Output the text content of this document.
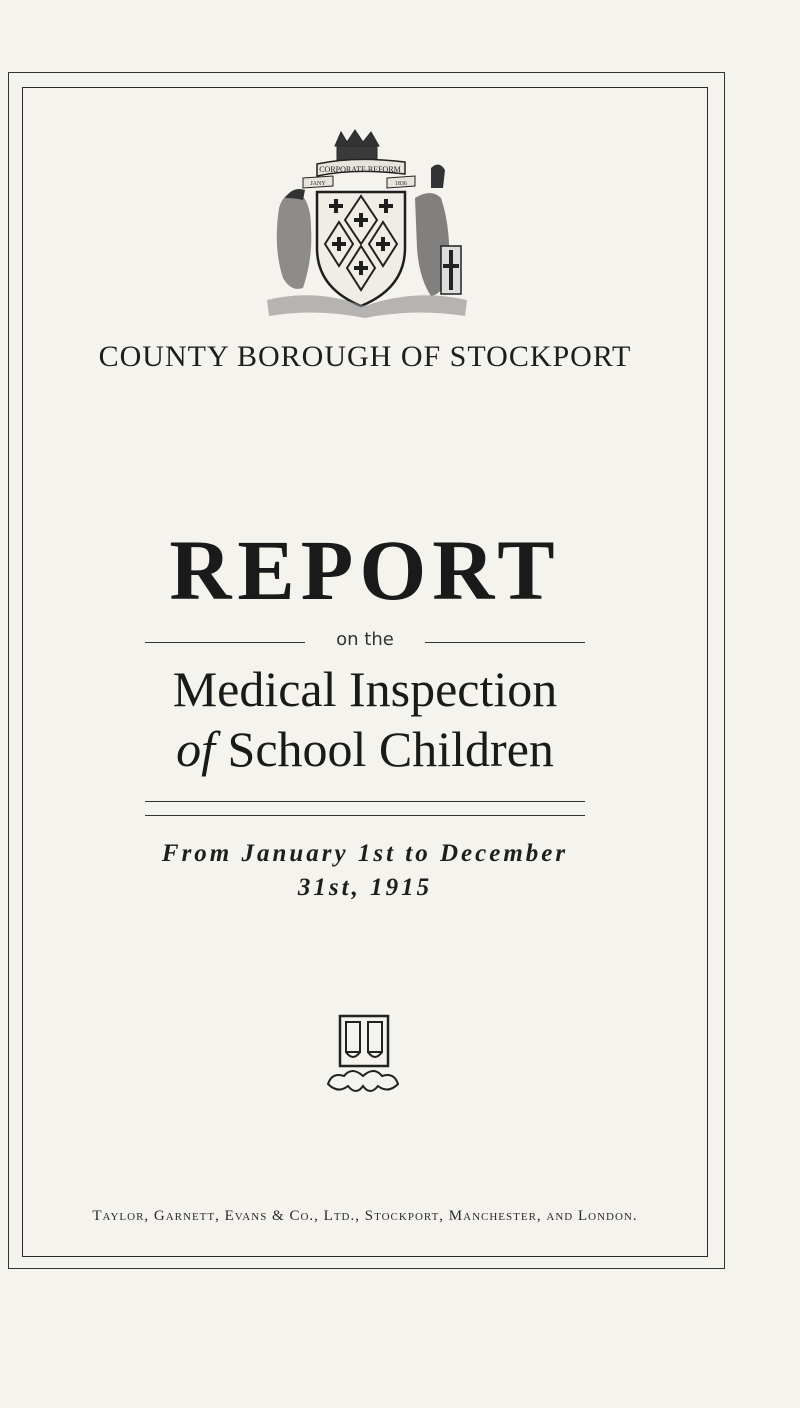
CORPORATE REFORM
JANY	1836
COUNTY BOROUGH OF STOCKPORT
REPORT
on the
Medical Inspection
of School Children
From January 1st to December
31st, 1915
Taylor, Garnett, Evans & Co., Ltd., Stockport, Manchester, and London.
